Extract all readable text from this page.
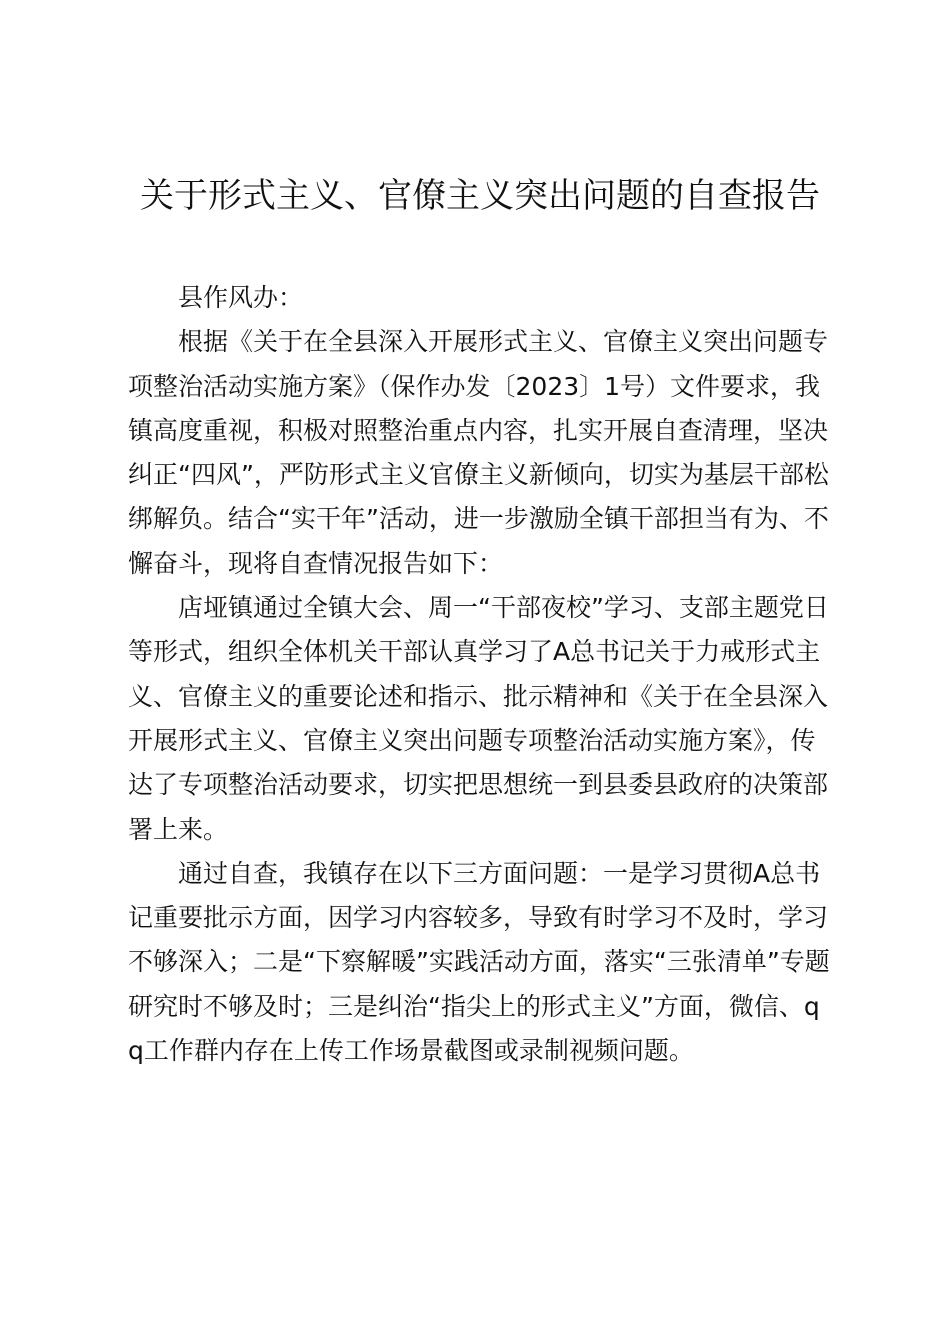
关于形式主义、官僚主义突出问题的自查报告

县作风办：

根据《关于在全县深入开展形式主义、官僚主义突出问题专项整治活动实施方案》（保作办发〔2023〕1号）文件要求，我镇高度重视，积极对照整治重点内容，扎实开展自查清理，坚决纠正“四风”，严防形式主义官僚主义新倾向，切实为基层干部松绑解负。结合“实干年”活动，进一步激励全镇干部担当有为、不懈奋斗，现将自查情况报告如下：

店垭镇通过全镇大会、周一“干部夜校”学习、支部主题党日等形式，组织全体机关干部认真学习了A总书记关于力戒形式主义、官僚主义的重要论述和指示、批示精神和《关于在全县深入开展形式主义、官僚主义突出问题专项整治活动实施方案》，传达了专项整治活动要求，切实把思想统一到县委县政府的决策部署上来。

通过自查，我镇存在以下三方面问题：一是学习贯彻A总书记重要批示方面，因学习内容较多，导致有时学习不及时，学习不够深入；二是“下察解暖”实践活动方面，落实“三张清单”专题研究时不够及时；三是纠治“指尖上的形式主义”方面，微信、qq工作群内存在上传工作场景截图或录制视频问题。
